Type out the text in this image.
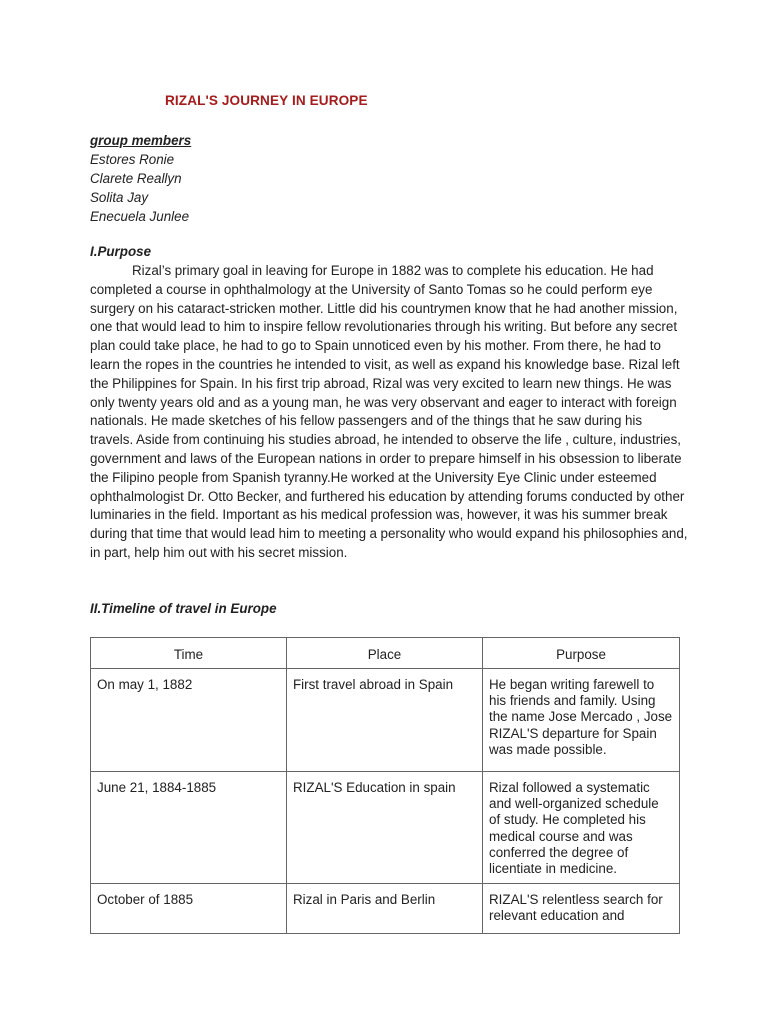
RIZAL'S JOURNEY IN EUROPE
group members
Estores Ronie
Clarete Reallyn
Solita Jay
Enecuela Junlee
I.Purpose

Rizal’s primary goal in leaving for Europe in 1882 was to complete his education. He had completed a course in ophthalmology at the University of Santo Tomas so he could perform eye surgery on his cataract-stricken mother. Little did his countrymen know that he had another mission, one that would lead to him to inspire fellow revolutionaries through his writing. But before any secret plan could take place, he had to go to Spain unnoticed even by his mother. From there, he had to learn the ropes in the countries he intended to visit, as well as expand his knowledge base. Rizal left the Philippines for Spain. In his first trip abroad, Rizal was very excited to learn new things. He was only twenty years old and as a young man, he was very observant and eager to interact with foreign nationals. He made sketches of his fellow passengers and of the things that he saw during his travels. Aside from continuing his studies abroad, he intended to observe the life , culture, industries, government and laws of the European nations in order to prepare himself in his obsession to liberate the Filipino people from Spanish tyranny.He worked at the University Eye Clinic under esteemed ophthalmologist Dr. Otto Becker, and furthered his education by attending forums conducted by other luminaries in the field. Important as his medical profession was, however, it was his summer break during that time that would lead him to meeting a personality who would expand his philosophies and, in part, help him out with his secret mission.

II.Timeline of travel in Europe
Time	Place	Purpose
On may 1, 1882	First travel abroad in Spain	He began writing farewell to his friends and family. Using the name Jose Mercado , Jose RIZAL'S departure for Spain was made possible.
June 21, 1884-1885	RIZAL'S Education in spain	Rizal followed a systematic and well-organized schedule of study. He completed his medical course and was conferred the degree of licentiate in medicine.
October of 1885	Rizal in Paris and Berlin	RIZAL'S relentless search for relevant education and
